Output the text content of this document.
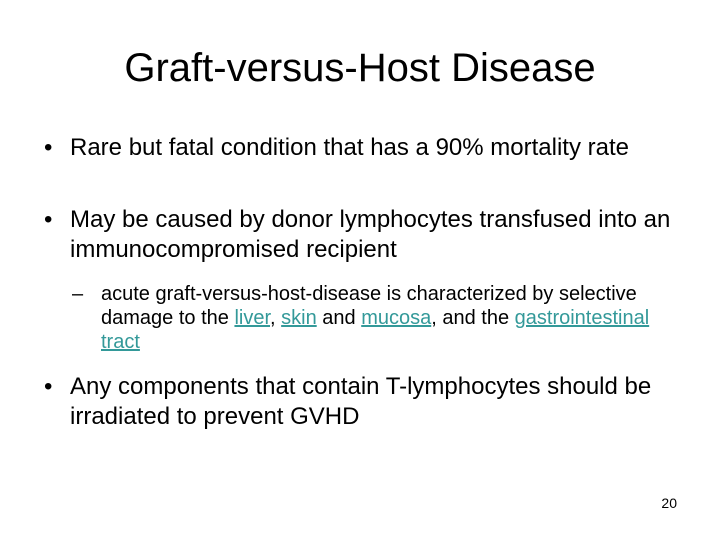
Graft-versus-Host Disease
• Rare but fatal condition that has a 90% mortality rate
• May be caused by donor lymphocytes transfused into an immunocompromised recipient
– acute graft-versus-host-disease is characterized by selective damage to the liver, skin and mucosa, and the gastrointestinal tract
• Any components that contain T-lymphocytes should be irradiated to prevent GVHD
20
